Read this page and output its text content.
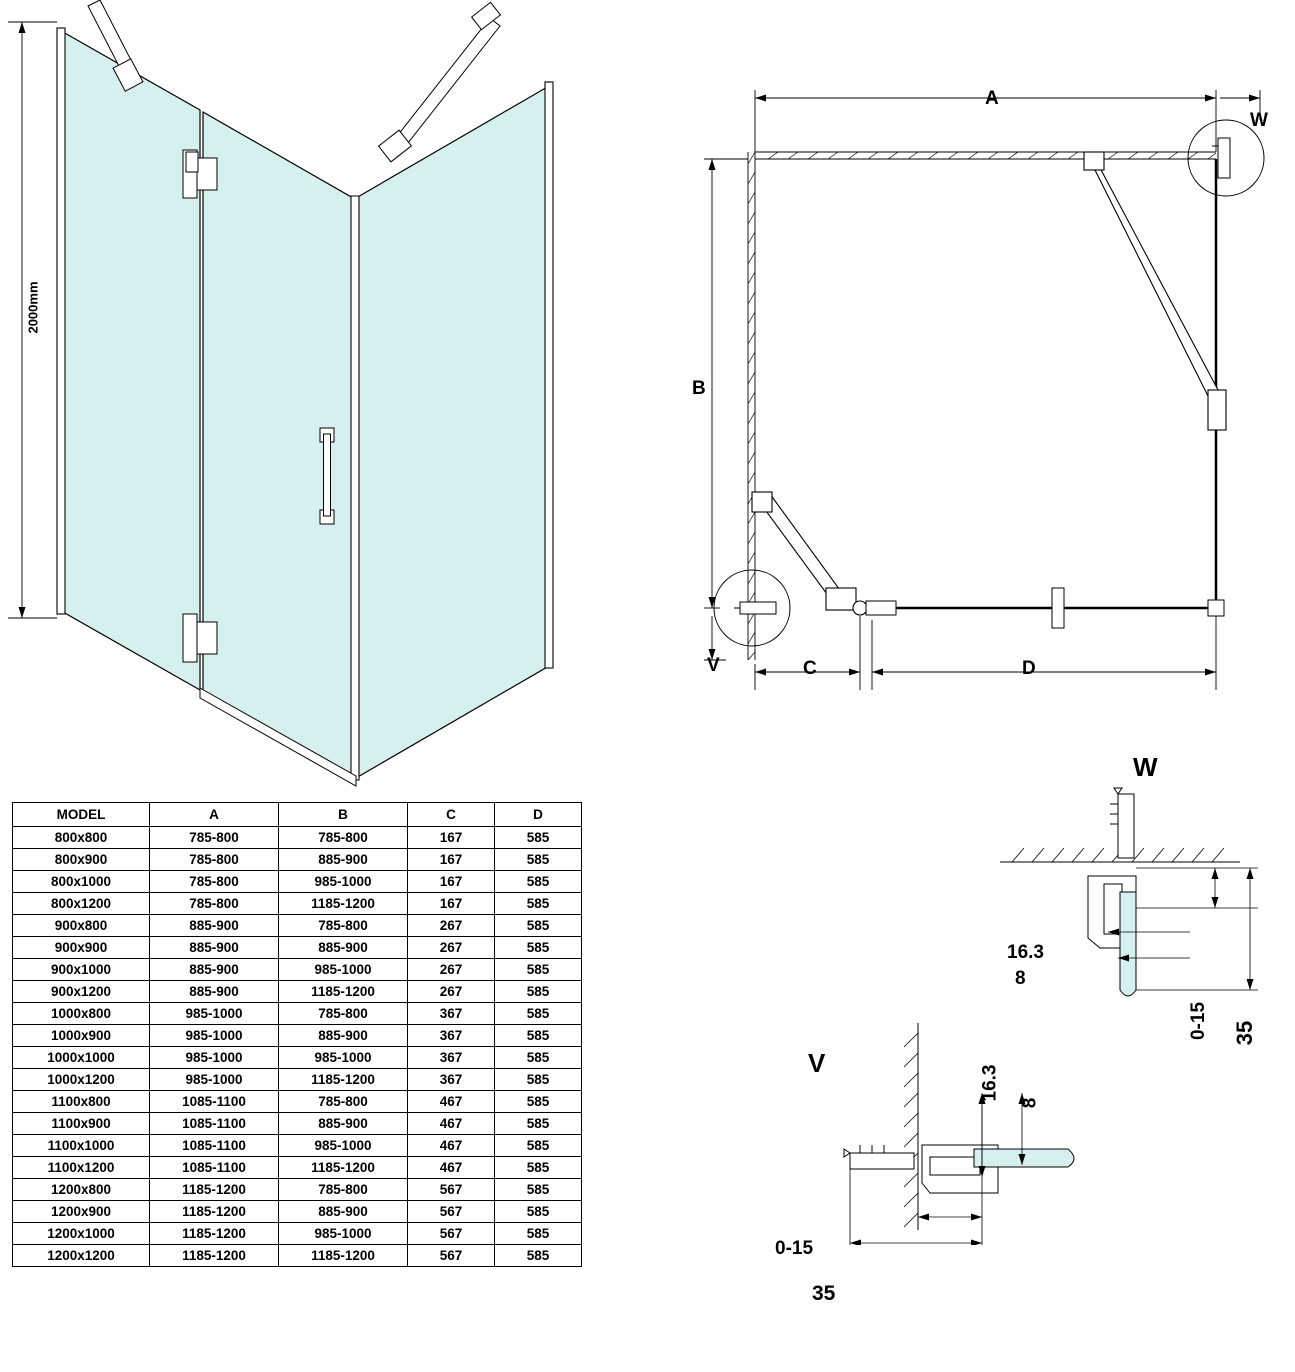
2000mm
A
W
B
V	C	D
W
16.3
8
0-15 35
V
16.3
8
0-15
35
MODEL	A	B	C	D
800x800	785-800	785-800	167	585
800x900	785-800	885-900	167	585
800x1000	785-800	985-1000	167	585
800x1200	785-800	1185-1200	167	585
900x800	885-900	785-800	267	585
900x900	885-900	885-900	267	585
900x1000	885-900	985-1000	267	585
900x1200	885-900	1185-1200	267	585
1000x800	985-1000	785-800	367	585
1000x900	985-1000	885-900	367	585
1000x1000	985-1000	985-1000	367	585
1000x1200	985-1000	1185-1200	367	585
1100x800	1085-1100	785-800	467	585
1100x900	1085-1100	885-900	467	585
1100x1000	1085-1100	985-1000	467	585
1100x1200	1085-1100	1185-1200	467	585
1200x800	1185-1200	785-800	567	585
1200x900	1185-1200	885-900	567	585
1200x1000	1185-1200	985-1000	567	585
1200x1200	1185-1200	1185-1200	567	585
